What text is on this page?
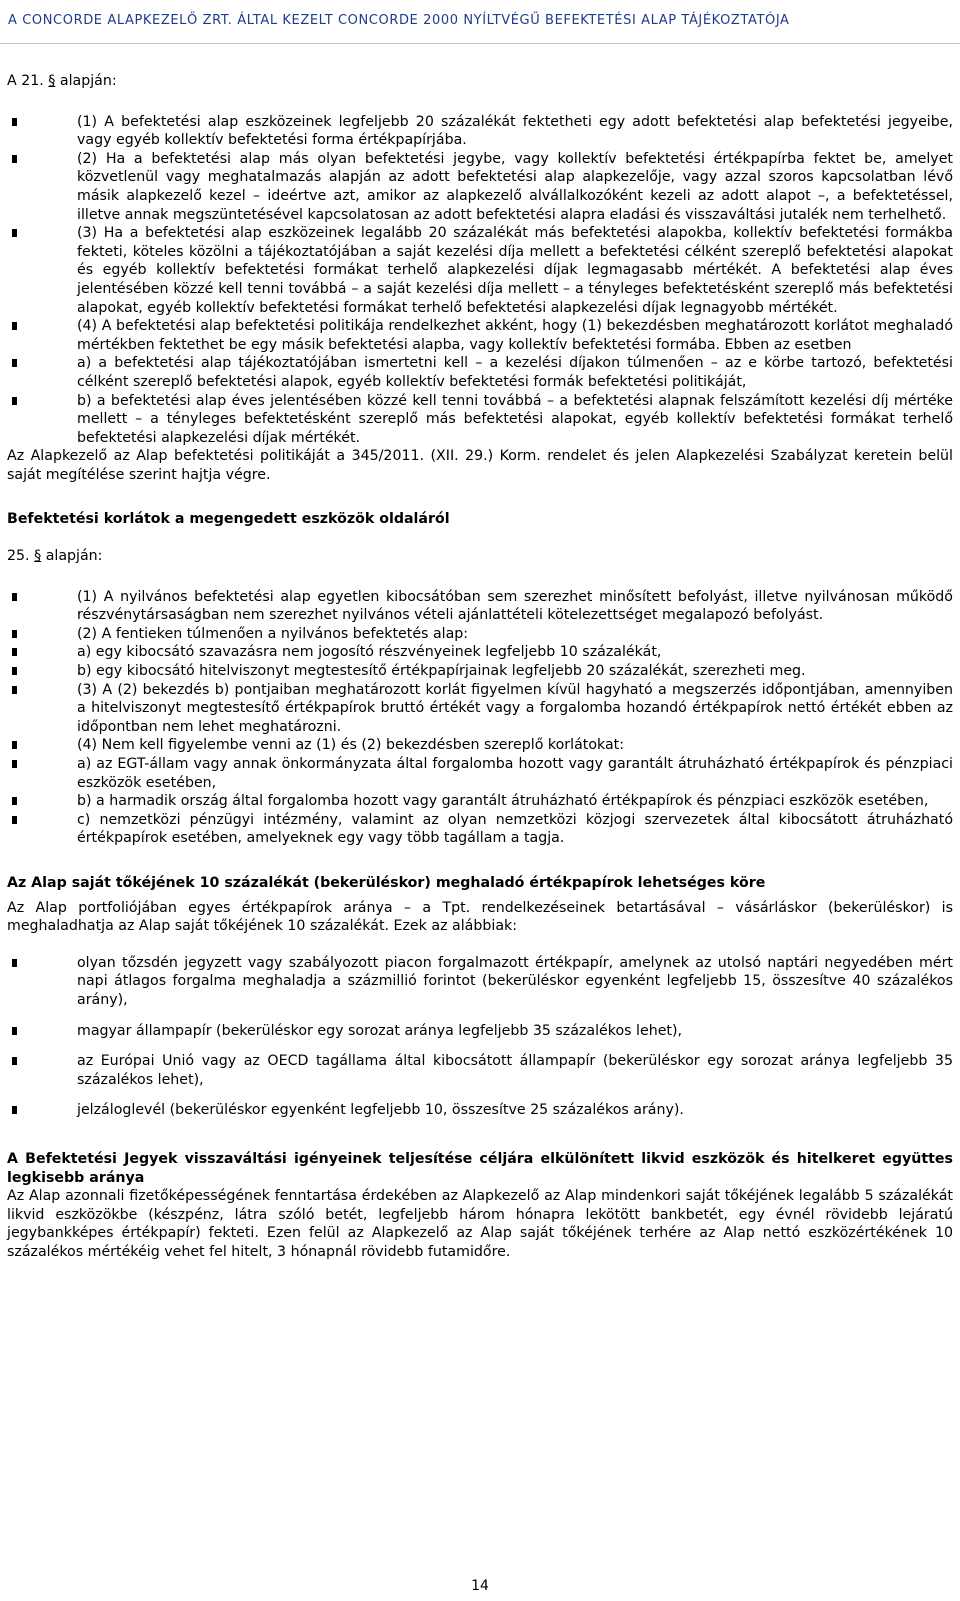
A CONCORDE ALAPKEZELŐ ZRT. ÁLTAL KEZELT CONCORDE 2000 NYÍLTVÉGŰ BEFEKTETÉSI ALAP TÁJÉKOZTATÓJA

A 21. § alapján:

(1) A befektetési alap eszközeinek legfeljebb 20 százalékát fektetheti egy adott befektetési alap befektetési jegyeibe, vagy egyéb kollektív befektetési forma értékpapírjába.
(2) Ha a befektetési alap más olyan befektetési jegybe, vagy kollektív befektetési értékpapírba fektet be, amelyet közvetlenül vagy meghatalmazás alapján az adott befektetési alap alapkezelője, vagy azzal szoros kapcsolatban lévő másik alapkezelő kezel – ideértve azt, amikor az alapkezelő alvállalkozóként kezeli az adott alapot –, a befektetéssel, illetve annak megszüntetésével kapcsolatosan az adott befektetési alapra eladási és visszaváltási jutalék nem terhelhető.
(3) Ha a befektetési alap eszközeinek legalább 20 százalékát más befektetési alapokba, kollektív befektetési formákba fekteti, köteles közölni a tájékoztatójában a saját kezelési díja mellett a befektetési célként szereplő befektetési alapokat és egyéb kollektív befektetési formákat terhelő alapkezelési díjak legmagasabb mértékét. A befektetési alap éves jelentésében közzé kell tenni továbbá – a saját kezelési díja mellett – a tényleges befektetésként szereplő más befektetési alapokat, egyéb kollektív befektetési formákat terhelő befektetési alapkezelési díjak legnagyobb mértékét.
(4) A befektetési alap befektetési politikája rendelkezhet akként, hogy (1) bekezdésben meghatározott korlátot meghaladó mértékben fektethet be egy másik befektetési alapba, vagy kollektív befektetési formába. Ebben az esetben
a) a befektetési alap tájékoztatójában ismertetni kell – a kezelési díjakon túlmenően – az e körbe tartozó, befektetési célként szereplő befektetési alapok, egyéb kollektív befektetési formák befektetési politikáját,
b) a befektetési alap éves jelentésében közzé kell tenni továbbá – a befektetési alapnak felszámított kezelési díj mértéke mellett – a tényleges befektetésként szereplő más befektetési alapokat, egyéb kollektív befektetési formákat terhelő befektetési alapkezelési díjak mértékét.

Az Alapkezelő az Alap befektetési politikáját a 345/2011. (XII. 29.) Korm. rendelet és jelen Alapkezelési Szabályzat keretein belül saját megítélése szerint hajtja végre.

Befektetési korlátok a megengedett eszközök oldaláról

25. § alapján:

(1) A nyilvános befektetési alap egyetlen kibocsátóban sem szerezhet minősített befolyást, illetve nyilvánosan működő részvénytársaságban nem szerezhet nyilvános vételi ajánlattételi kötelezettséget megalapozó befolyást.
(2) A fentieken túlmenően a nyilvános befektetés alap:
a) egy kibocsátó szavazásra nem jogosító részvényeinek legfeljebb 10 százalékát,
b) egy kibocsátó hitelviszonyt megtestesítő értékpapírjainak legfeljebb 20 százalékát, szerezheti meg.
(3) A (2) bekezdés b) pontjaiban meghatározott korlát figyelmen kívül hagyható a megszerzés időpontjában, amennyiben a hitelviszonyt megtestesítő értékpapírok bruttó értékét vagy a forgalomba hozandó értékpapírok nettó értékét ebben az időpontban nem lehet meghatározni.
(4) Nem kell figyelembe venni az (1) és (2) bekezdésben szereplő korlátokat:
a) az EGT-állam vagy annak önkormányzata által forgalomba hozott vagy garantált átruházható értékpapírok és pénzpiaci eszközök esetében,
b) a harmadik ország által forgalomba hozott vagy garantált átruházható értékpapírok és pénzpiaci eszközök esetében,
c) nemzetközi pénzügyi intézmény, valamint az olyan nemzetközi közjogi szervezetek által kibocsátott átruházható értékpapírok esetében, amelyeknek egy vagy több tagállam a tagja.

Az Alap saját tőkéjének 10 százalékát (bekerüléskor) meghaladó értékpapírok lehetséges köre

Az Alap portfoliójában egyes értékpapírok aránya – a Tpt. rendelkezéseinek betartásával – vásárláskor (bekerüléskor) is meghaladhatja az Alap saját tőkéjének 10 százalékát. Ezek az alábbiak:

olyan tőzsdén jegyzett vagy szabályozott piacon forgalmazott értékpapír, amelynek az utolsó naptári negyedében mért napi átlagos forgalma meghaladja a százmillió forintot (bekerüléskor egyenként legfeljebb 15, összesítve 40 százalékos arány),
magyar állampapír (bekerüléskor egy sorozat aránya legfeljebb 35 százalékos lehet),
az Európai Unió vagy az OECD tagállama által kibocsátott állampapír (bekerüléskor egy sorozat aránya legfeljebb 35 százalékos lehet),
jelzáloglevél (bekerüléskor egyenként legfeljebb 10, összesítve 25 százalékos arány).

A Befektetési Jegyek visszaváltási igényeinek teljesítése céljára elkülönített likvid eszközök és hitelkeret együttes legkisebb aránya

Az Alap azonnali fizetőképességének fenntartása érdekében az Alapkezelő az Alap mindenkori saját tőkéjének legalább 5 százalékát likvid eszközökbe (készpénz, látra szóló betét, legfeljebb három hónapra lekötött bankbetét, egy évnél rövidebb lejáratú jegybankképes értékpapír) fekteti. Ezen felül az Alapkezelő az Alap saját tőkéjének terhére az Alap nettó eszközértékének 10 százalékos mértékéig vehet fel hitelt, 3 hónapnál rövidebb futamidőre.

14
